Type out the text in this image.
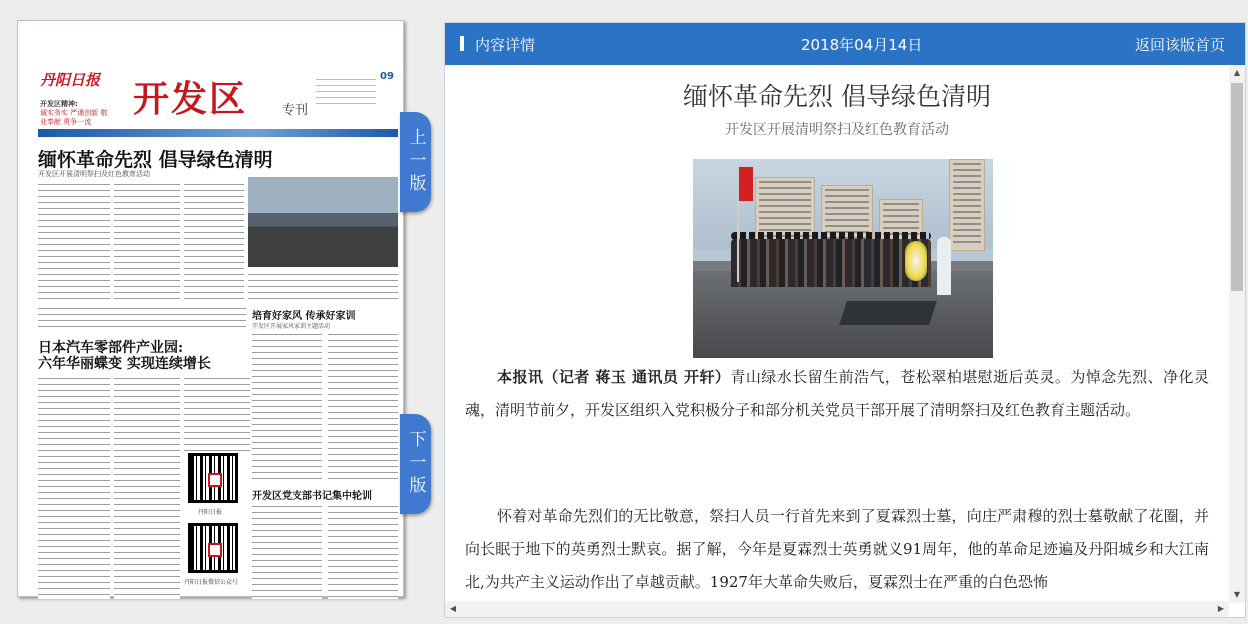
丹阳日报
开发区精神:
诚实务实 严谨创新 敬业奉献 勇争一流
开发区	专刊
09
缅怀革命先烈 倡导绿色清明
开发区开展清明祭扫及红色教育活动
培育好家风 传承好家训
开发区开展家风家训主题活动
日本汽车零部件产业园:
六年华丽蝶变 实现连续增长
丹阳日报
丹阳日报微信公众号
开发区党支部书记集中轮训
上一版
下一版
内容详情	2018年04月14日	返回该版首页
缅怀革命先烈 倡导绿色清明
开发区开展清明祭扫及红色教育活动
本报讯（记者 蒋玉 通讯员 开轩）青山绿水长留生前浩气，苍松翠柏堪慰逝后英灵。为悼念先烈、净化灵魂，清明节前夕，开发区组织入党积极分子和部分机关党员干部开展了清明祭扫及红色教育主题活动。
怀着对革命先烈们的无比敬意，祭扫人员一行首先来到了夏霖烈士墓，向庄严肃穆的烈士墓敬献了花圈，并向长眠于地下的英勇烈士默哀。据了解，今年是夏霖烈士英勇就义91周年，他的革命足迹遍及丹阳城乡和大江南北,为共产主义运动作出了卓越贡献。1927年大革命失败后，夏霖烈士在严重的白色恐怖
▲
▼
◀	▶
